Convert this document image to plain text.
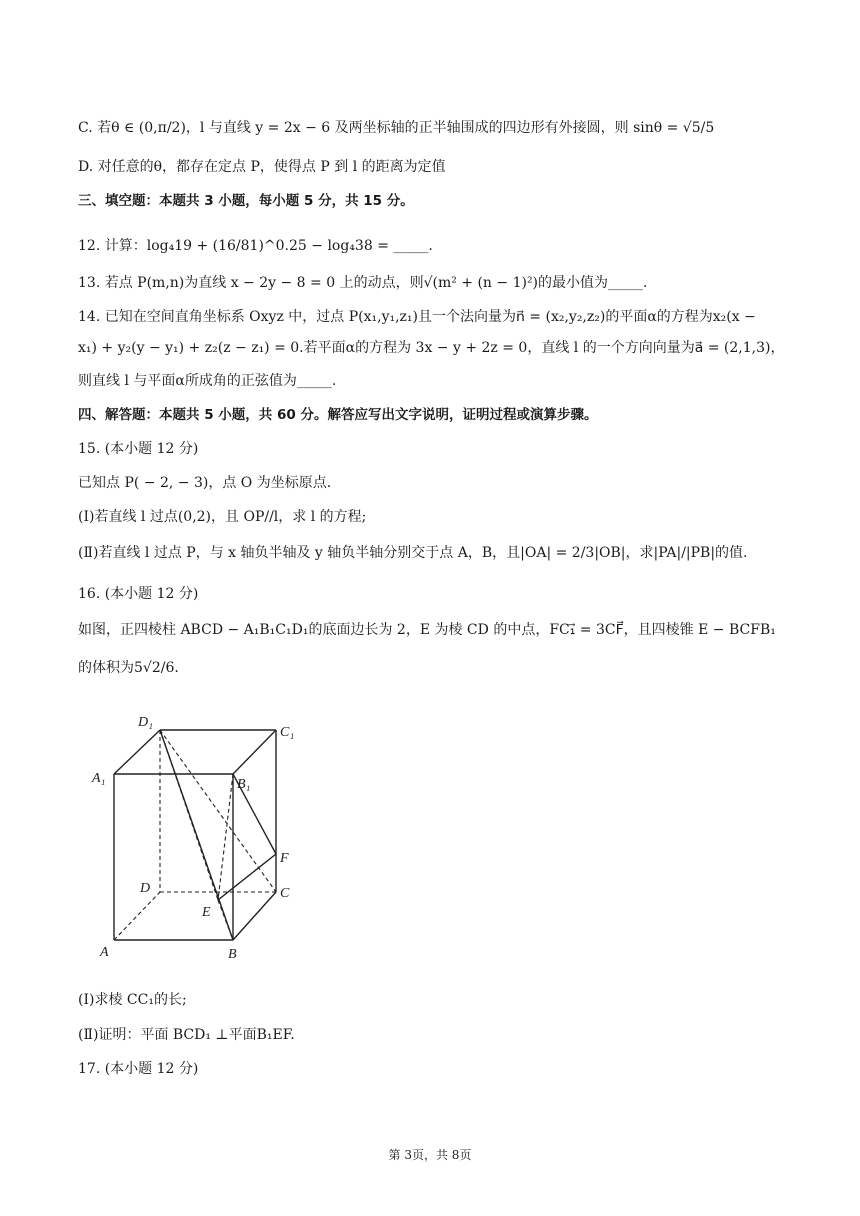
C. 若θ ∈ (0,π/2)，l 与直线 y = 2x − 6 及两坐标轴的正半轴围成的四边形有外接圆，则 sinθ = √5/5
D. 对任意的θ，都存在定点 P，使得点 P 到 l 的距离为定值
三、填空题：本题共 3 小题，每小题 5 分，共 15 分。
12. 计算：log₄19 + (16/81)^0.25 − log₄38 = _____.
13. 若点 P(m,n)为直线 x − 2y − 8 = 0 上的动点，则√(m² + (n − 1)²)的最小值为_____.
14. 已知在空间直角坐标系 Oxyz 中，过点 P(x₁,y₁,z₁)且一个法向量为n⃗ = (x₂,y₂,z₂)的平面α的方程为x₂(x −
x₁) + y₂(y − y₁) + z₂(z − z₁) = 0.若平面α的方程为 3x − y + 2z = 0，直线 l 的一个方向向量为a⃗ = (2,1,3)，
则直线 l 与平面α所成角的正弦值为_____.
四、解答题：本题共 5 小题，共 60 分。解答应写出文字说明，证明过程或演算步骤。
15. (本小题 12 分)
已知点 P( − 2, − 3)，点 O 为坐标原点.
(Ⅰ)若直线 l 过点(0,2)，且 OP//l，求 l 的方程;
(Ⅱ)若直线 l 过点 P，与 x 轴负半轴及 y 轴负半轴分别交于点 A，B，且|OA| = 2/3|OB|，求|PA|/|PB|的值.
16. (本小题 12 分)
如图，正四棱柱 ABCD − A₁B₁C₁D₁的底面边长为 2，E 为棱 CD 的中点，FC₁⃗ = 3CF⃗，且四棱锥 E − BCFB₁
的体积为5√2/6.
D₁
C₁
A₁	B₁
F
D	C
E
A	B
(Ⅰ)求棱 CC₁的长;
(Ⅱ)证明：平面 BCD₁ ⊥平面B₁EF.
17. (本小题 12 分)
第 3页，共 8页
